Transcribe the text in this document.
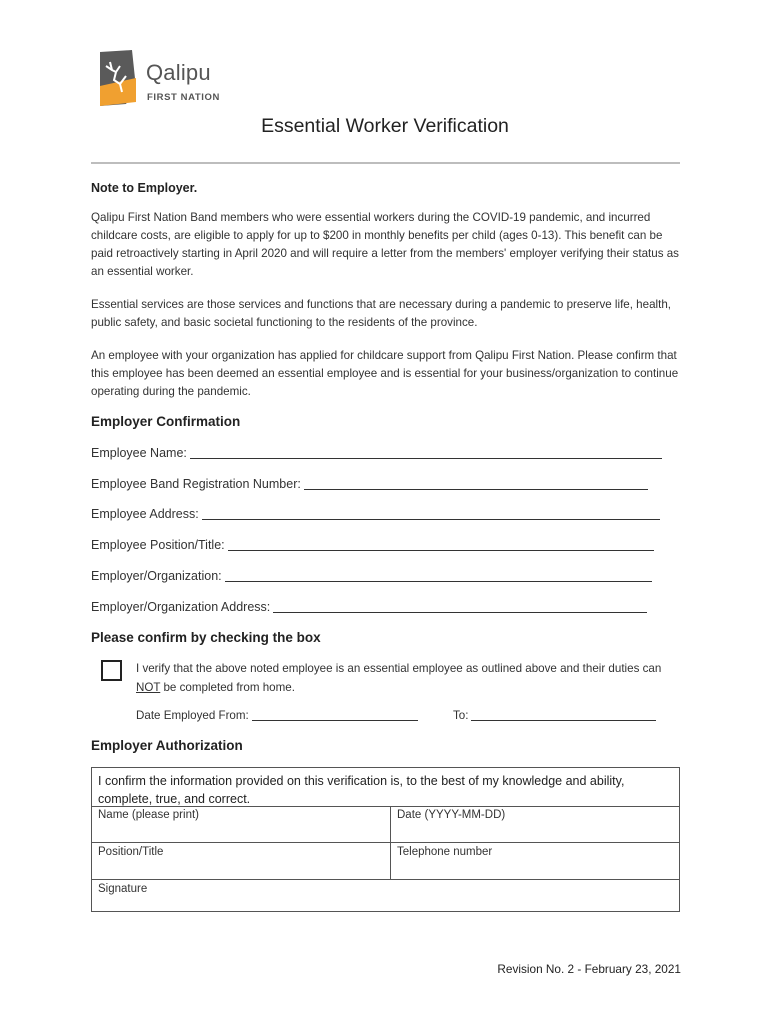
Qalipu
FIRST NATION
Essential Worker Verification
Note to Employer.
Qalipu First Nation Band members who were essential workers during the COVID-19 pandemic, and incurred childcare costs, are eligible to apply for up to $200 in monthly benefits per child (ages 0-13). This benefit can be paid retroactively starting in April 2020 and will require a letter from the members' employer verifying their status as an essential worker.
Essential services are those services and functions that are necessary during a pandemic to preserve life, health, public safety, and basic societal functioning to the residents of the province.
An employee with your organization has applied for childcare support from Qalipu First Nation. Please confirm that this employee has been deemed an essential employee and is essential for your business/organization to continue operating during the pandemic.
Employer Confirmation
Employee Name:
Employee Band Registration Number:
Employee Address:
Employee Position/Title:
Employer/Organization:
Employer/Organization Address:
Please confirm by checking the box
I verify that the above noted employee is an essential employee as outlined above and their duties can NOT be completed from home.
Date Employed From:	To:
Employer Authorization
I confirm the information provided on this verification is, to the best of my knowledge and ability, complete, true, and correct.
Name (please print)	Date (YYYY-MM-DD)
Position/Title	Telephone number
Signature
Revision No. 2 - February 23, 2021
